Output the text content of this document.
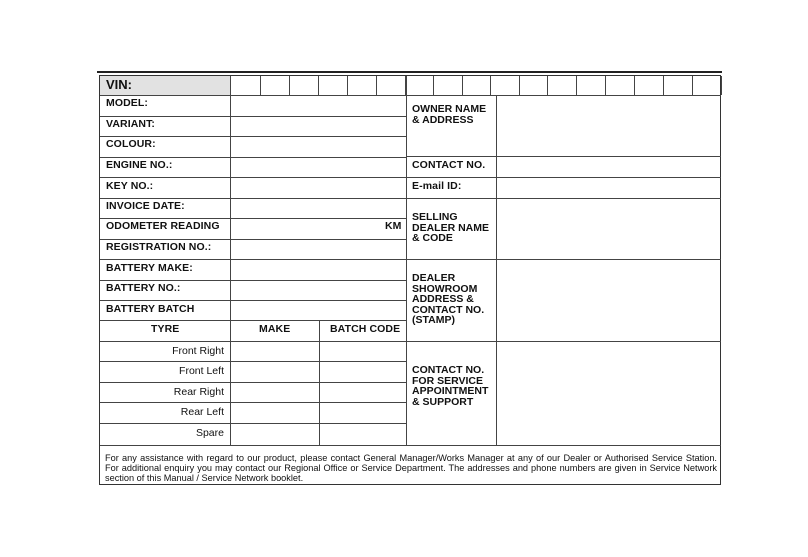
VIN:
MODEL:
VARIANT:
COLOUR:
ENGINE NO.:
KEY NO.:
INVOICE DATE:
ODOMETER READING	KM
REGISTRATION NO.:
BATTERY MAKE:
BATTERY NO.:
BATTERY BATCH
TYRE	MAKE	BATCH CODE
Front Right
Front Left
Rear Right
Rear Left
Spare
OWNER NAME & ADDRESS
CONTACT NO.
E-mail ID:
SELLING DEALER NAME & CODE
DEALER SHOWROOM ADDRESS & CONTACT NO. (STAMP)
CONTACT NO. FOR SERVICE APPOINTMENT & SUPPORT
For any assistance with regard to our product, please contact General Manager/Works Manager at any of our Dealer or Authorised Service Station. For additional enquiry you may contact our Regional Office or Service Department. The addresses and phone numbers are given in Service Network section of this Manual / Service Network booklet.
